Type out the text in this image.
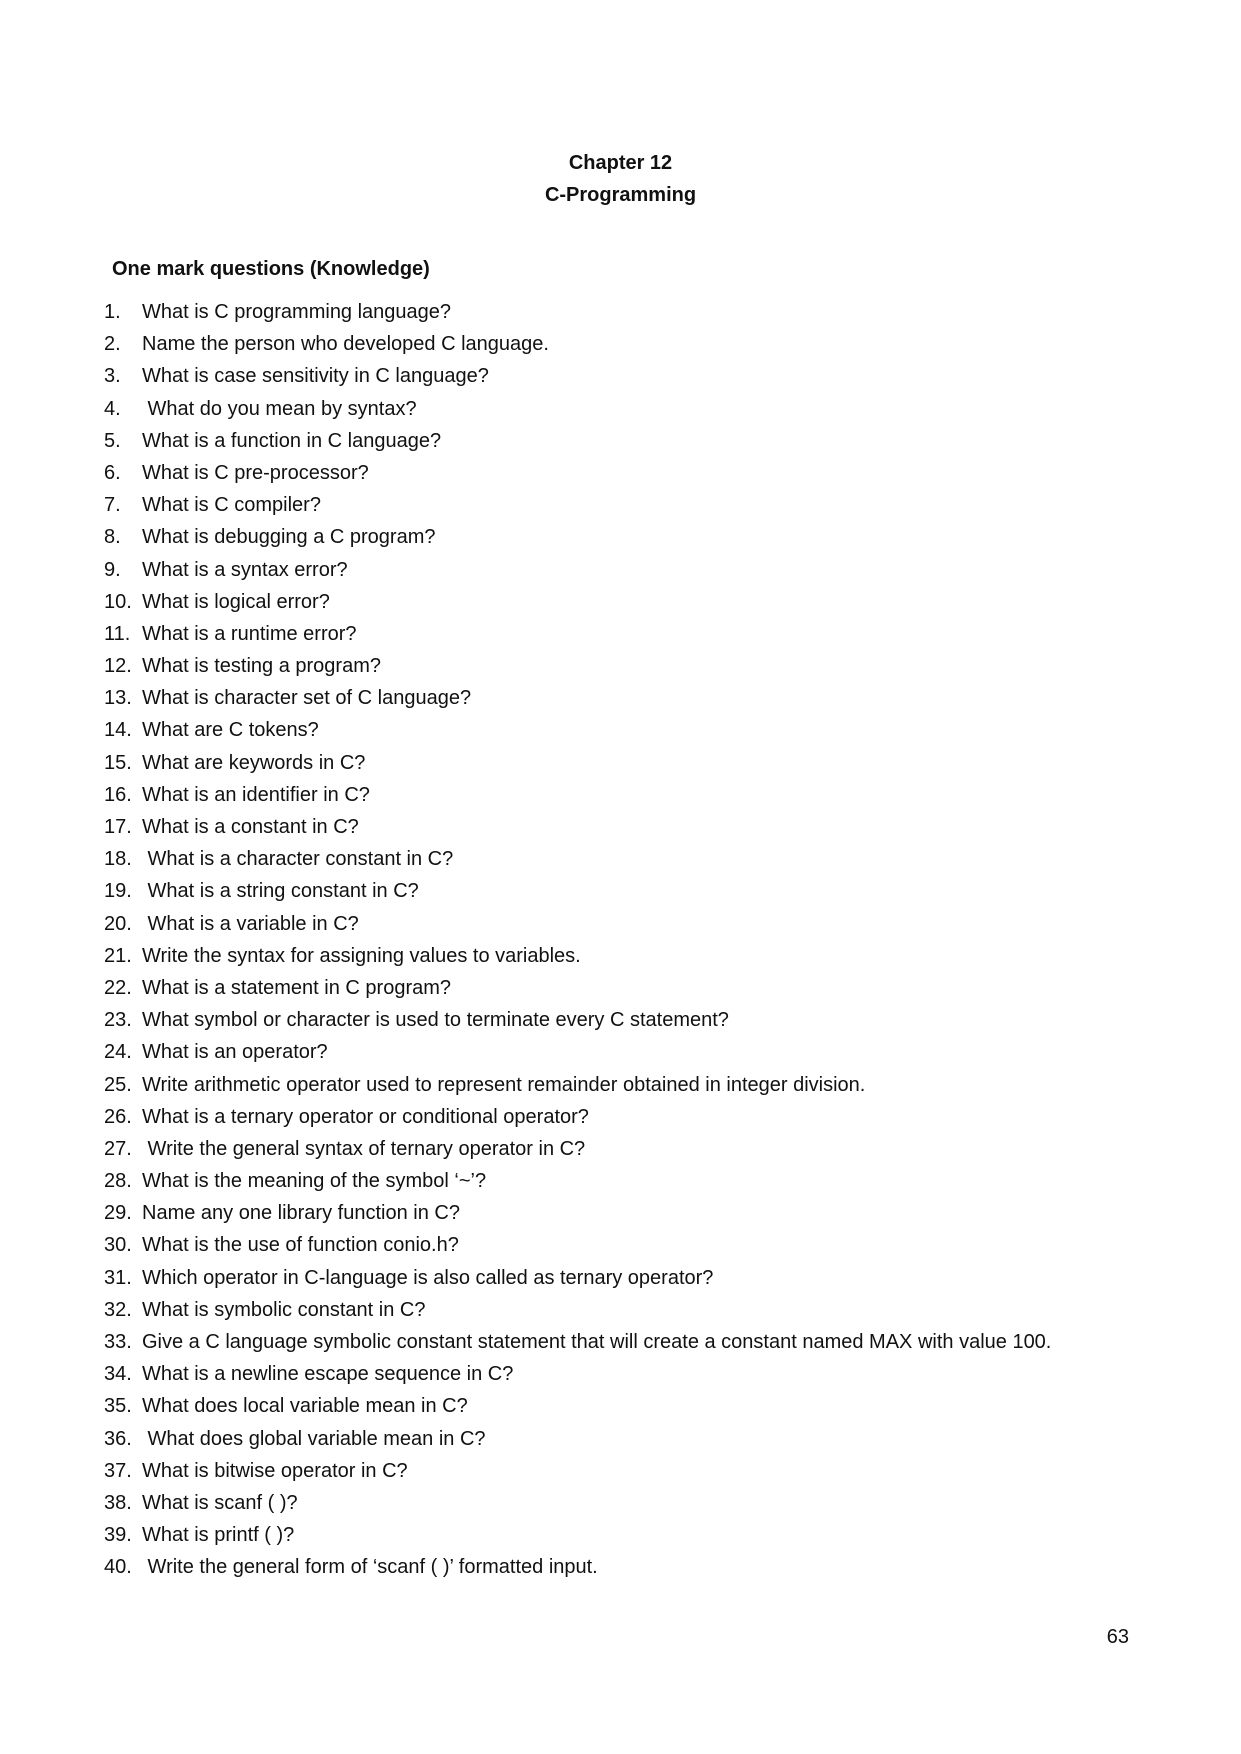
Chapter 12
C-Programming
One mark questions (Knowledge)
1.	What is C programming language?
2.	Name the person who developed C language.
3.	What is case sensitivity in C language?
4.	What do you mean by syntax?
5.	What is a function in C language?
6.	What is C pre-processor?
7.	What is C compiler?
8.	What is debugging a C program?
9.	What is a syntax error?
10. What is logical error?
11. What is a runtime error?
12. What is testing a program?
13. What is character set of C language?
14. What are C tokens?
15. What are keywords in C?
16. What is an identifier in C?
17. What is a constant in C?
18. What is a character constant in C?
19. What is a string constant in C?
20. What is a variable in C?
21. Write the syntax for assigning values to variables.
22. What is a statement in C program?
23. What symbol or character is used to terminate every C statement?
24. What is an operator?
25. Write arithmetic operator used to represent remainder obtained in integer division.
26. What is a ternary operator or conditional operator?
27. Write the general syntax of ternary operator in C?
28. What is the meaning of the symbol ‘~’?
29. Name any one library function in C?
30. What is the use of function conio.h?
31. Which operator in C-language is also called as ternary operator?
32. What is symbolic constant in C?
33. Give a C language symbolic constant statement that will create a constant named MAX with value 100.
34. What is a newline escape sequence in C?
35. What does local variable mean in C?
36. What does global variable mean in C?
37. What is bitwise operator in C?
38. What is scanf ( )?
39. What is printf ( )?
40. Write the general form of ‘scanf ( )’ formatted input.
63
